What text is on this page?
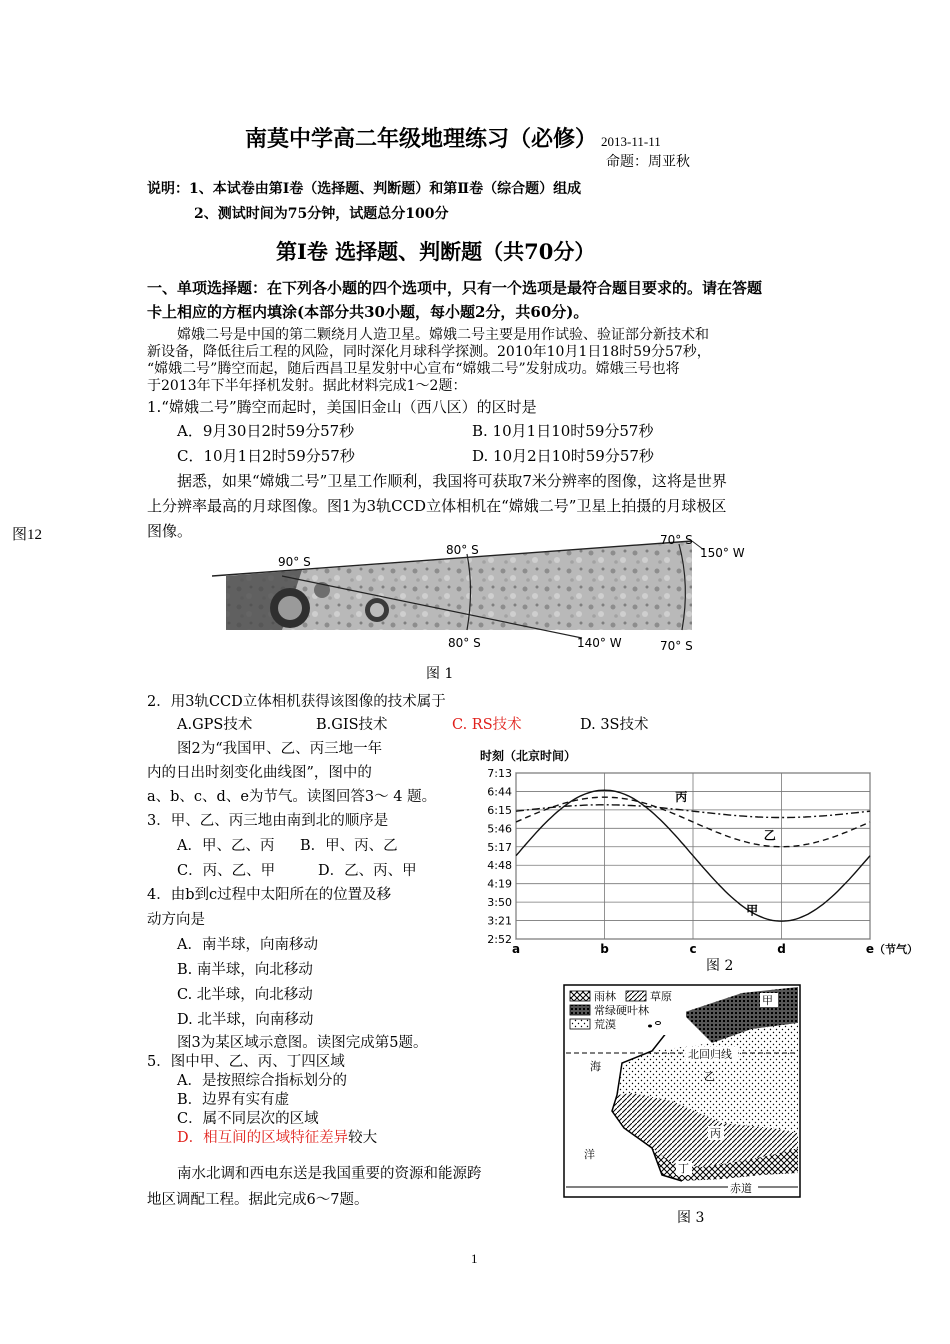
南莫中学高二年级地理练习（必修） 2013-11-11
命题：周亚秋
说明：1、本试卷由第Ⅰ卷（选择题、判断题）和第Ⅱ卷（综合题）组成
2、测试时间为75分钟，试题总分100分
第Ⅰ卷 选择题、判断题（共70分）
一、单项选择题：在下列各小题的四个选项中，只有一个选项是最符合题目要求的。请在答题
卡上相应的方框内填涂(本部分共30小题，每小题2分，共60分)。
嫦娥二号是中国的第二颗绕月人造卫星。嫦娥二号主要是用作试验、验证部分新技术和
新设备，降低往后工程的风险，同时深化月球科学探测。2010年10月1日18时59分57秒，
“嫦娥二号”腾空而起，随后西昌卫星发射中心宣布“嫦娥二号”发射成功。嫦娥三号也将
于2013年下半年择机发射。据此材料完成1～2题：
1.“嫦娥二号”腾空而起时，美国旧金山（西八区）的区时是
A．9月30日2时59分57秒	B. 10月1日10时59分57秒
C．10月1日2时59分57秒	D. 10月2日10时59分57秒
据悉，如果“嫦娥二号”卫星工作顺利，我国将可获取7米分辨率的图像，这将是世界
上分辨率最高的月球图像。图1为3轨CCD立体相机在“嫦娥二号”卫星上拍摄的月球极区
图像。
图12
90° S
80° S
70° S
150° W
80° S	140° W	70° S
图 1
2．用3轨CCD立体相机获得该图像的技术属于
A.GPS技术	B.GIS技术	C. RS技术	D. 3S技术
图2为“我国甲、乙、丙三地一年
内的日出时刻变化曲线图”，图中的
a、b、c、d、e为节气。读图回答3～ 4 题。
3．甲、乙、丙三地由南到北的顺序是
A．甲、乙、丙 B．甲、丙、乙
C．丙、乙、甲	D．乙、丙、甲
4．由b到c过程中太阳所在的位置及移
动方向是
A．南半球，向南移动
B. 南半球，向北移动
C. 北半球，向北移动
D. 北半球，向南移动
时刻（北京时间）
2:52
3:21
3:50
4:19
4:48
5:17
5:46
6:15
6:44
7:13
a	b	c	d	e
甲
乙
丙
（节气）
图 2
图3为某区域示意图。读图完成第5题。
5．图中甲、乙、丙、丁四区域
A．是按照综合指标划分的
B．边界有实有虚
C．属不同层次的区域
D．相互间的区域特征差异较大
南水北调和西电东送是我国重要的资源和能源跨
地区调配工程。据此完成6～7题。
雨林	草原
常绿硬叶林
荒漠
甲
北回归线
乙
丙
丁
海
洋
赤道
图 3
1
